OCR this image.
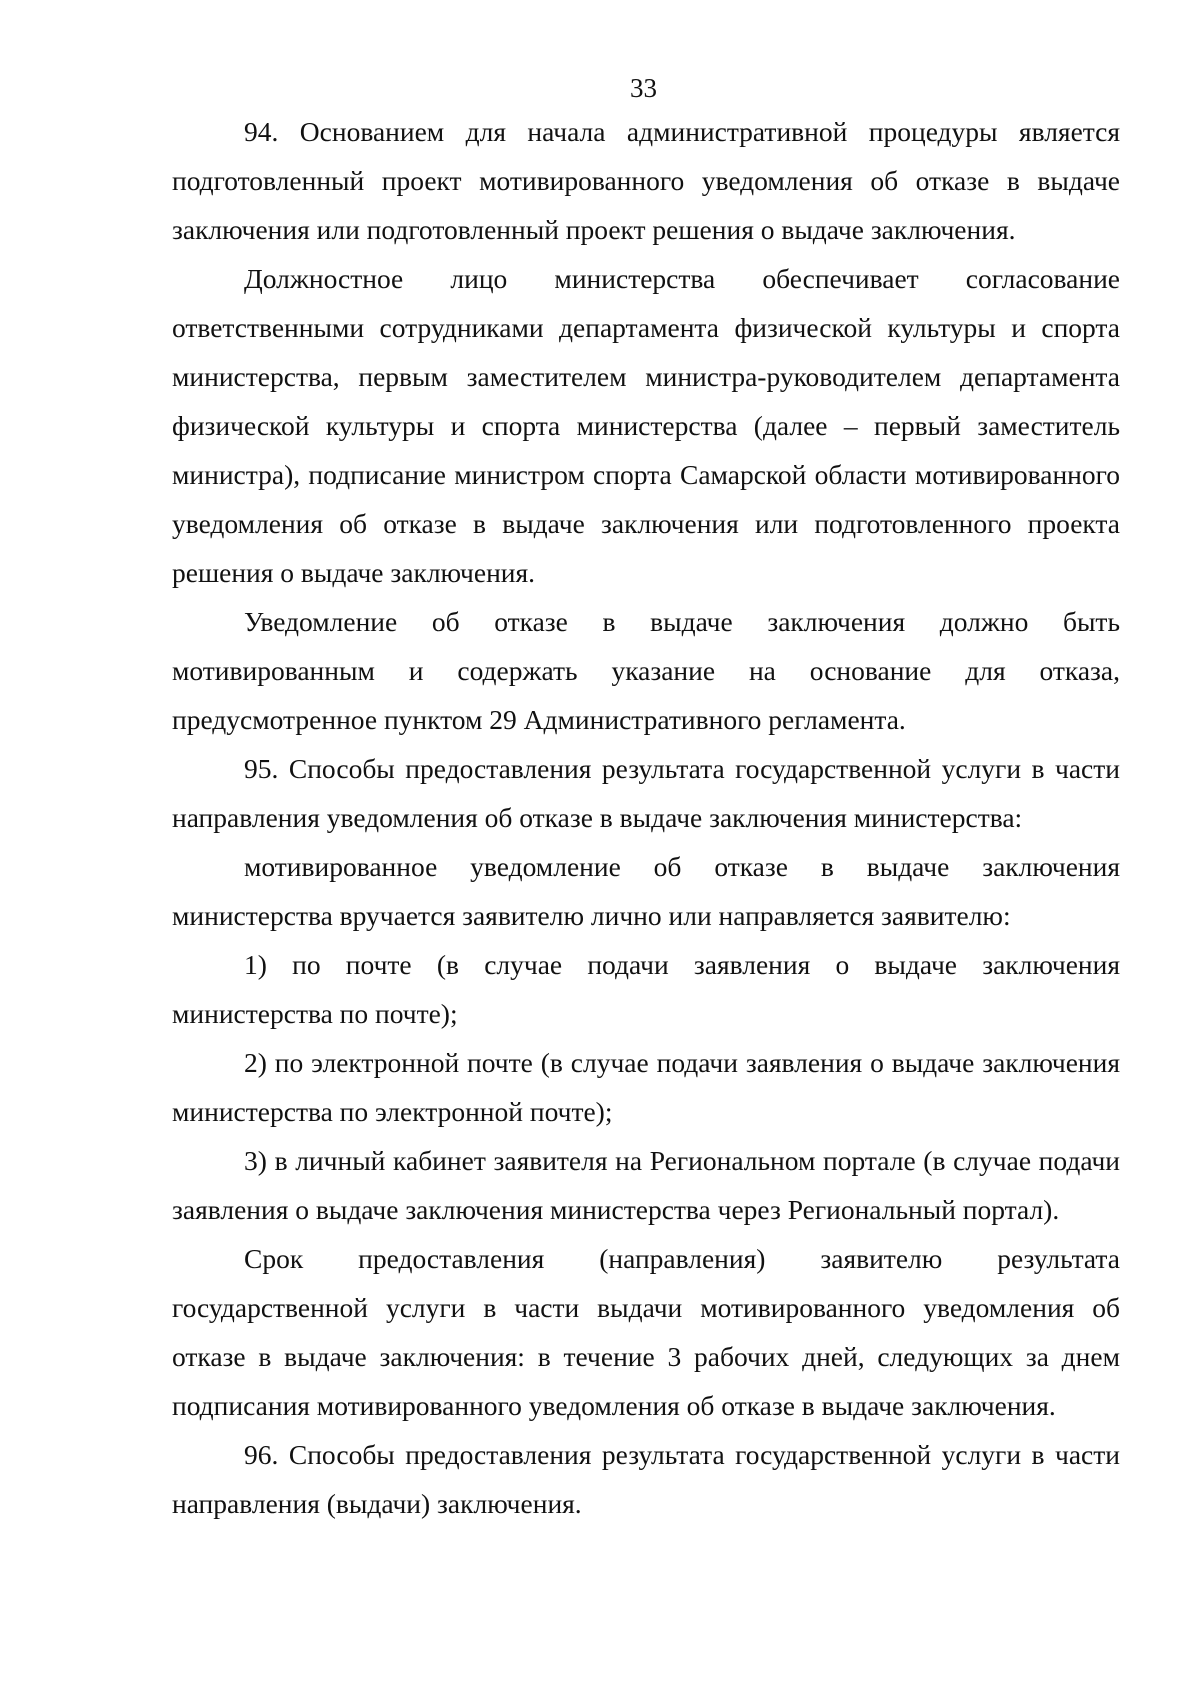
33

94. Основанием для начала административной процедуры является подготовленный проект мотивированного уведомления об отказе в выдаче заключения или подготовленный проект решения о выдаче заключения.

Должностное лицо министерства обеспечивает согласование ответственными сотрудниками департамента физической культуры и спорта министерства, первым заместителем министра-руководителем департамента физической культуры и спорта министерства (далее – первый заместитель министра), подписание министром спорта Самарской области мотивированного уведомления об отказе в выдаче заключения или подготовленного проекта решения о выдаче заключения.

Уведомление об отказе в выдаче заключения должно быть мотивированным и содержать указание на основание для отказа, предусмотренное пунктом 29 Административного регламента.

95. Способы предоставления результата государственной услуги в части направления уведомления об отказе в выдаче заключения министерства:

мотивированное уведомление об отказе в выдаче заключения министерства вручается заявителю лично или направляется заявителю:

1) по почте (в случае подачи заявления о выдаче заключения министерства по почте);

2) по электронной почте (в случае подачи заявления о выдаче заключения министерства по электронной почте);

3) в личный кабинет заявителя на Региональном портале (в случае подачи заявления о выдаче заключения министерства через Региональный портал).

Срок предоставления (направления) заявителю результата государственной услуги в части выдачи мотивированного уведомления об отказе в выдаче заключения: в течение 3 рабочих дней, следующих за днем подписания мотивированного уведомления об отказе в выдаче заключения.

96. Способы предоставления результата государственной услуги в части направления (выдачи) заключения.
